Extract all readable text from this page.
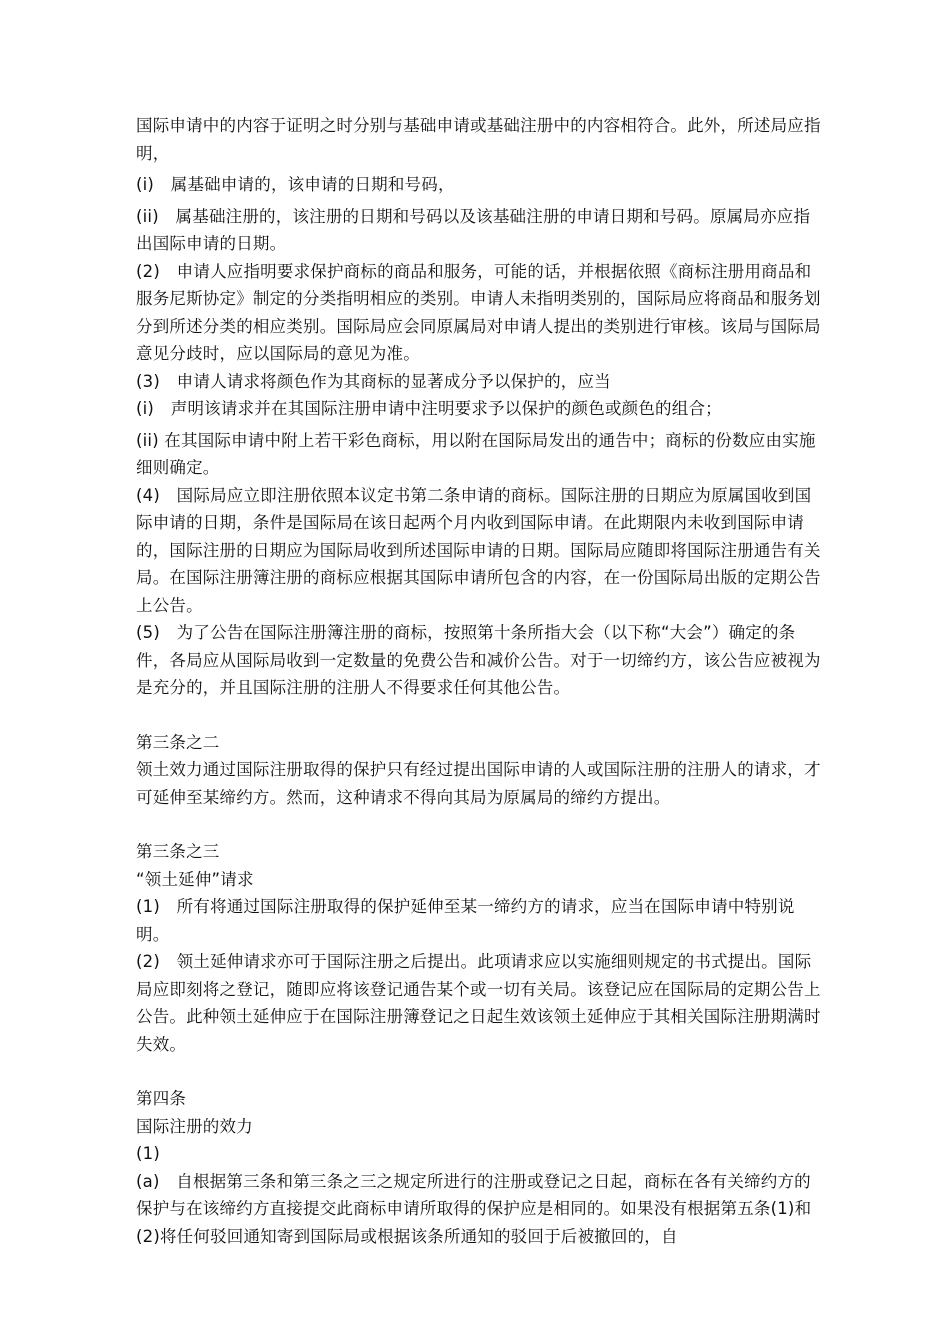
国际申请中的内容于证明之时分别与基础申请或基础注册中的内容相符合。此外，所述局应指明，

(i)　属基础申请的，该申请的日期和号码，

(ii)　属基础注册的，该注册的日期和号码以及该基础注册的申请日期和号码。原属局亦应指出国际申请的日期。

(2)　申请人应指明要求保护商标的商品和服务，可能的话，并根据依照《商标注册用商品和服务尼斯协定》制定的分类指明相应的类别。申请人未指明类别的，国际局应将商品和服务划分到所述分类的相应类别。国际局应会同原属局对申请人提出的类别进行审核。该局与国际局意见分歧时，应以国际局的意见为准。

(3)　申请人请求将颜色作为其商标的显著成分予以保护的，应当

(i)　声明该请求并在其国际注册申请中注明要求予以保护的颜色或颜色的组合；

(ii) 在其国际申请中附上若干彩色商标，用以附在国际局发出的通告中；商标的份数应由实施细则确定。

(4)　国际局应立即注册依照本议定书第二条申请的商标。国际注册的日期应为原属国收到国际申请的日期，条件是国际局在该日起两个月内收到国际申请。在此期限内未收到国际申请的，国际注册的日期应为国际局收到所述国际申请的日期。国际局应随即将国际注册通告有关局。在国际注册簿注册的商标应根据其国际申请所包含的内容，在一份国际局出版的定期公告上公告。

(5)　为了公告在国际注册簿注册的商标，按照第十条所指大会（以下称“大会”）确定的条件，各局应从国际局收到一定数量的免费公告和减价公告。对于一切缔约方，该公告应被视为是充分的，并且国际注册的注册人不得要求任何其他公告。

第三条之二

领土效力通过国际注册取得的保护只有经过提出国际申请的人或国际注册的注册人的请求，才可延伸至某缔约方。然而，这种请求不得向其局为原属局的缔约方提出。

第三条之三

“领土延伸”请求

(1)　所有将通过国际注册取得的保护延伸至某一缔约方的请求，应当在国际申请中特别说明。

(2)　领土延伸请求亦可于国际注册之后提出。此项请求应以实施细则规定的书式提出。国际局应即刻将之登记，随即应将该登记通告某个或一切有关局。该登记应在国际局的定期公告上公告。此种领土延伸应于在国际注册簿登记之日起生效该领土延伸应于其相关国际注册期满时失效。

第四条

国际注册的效力

(1)

(a)　自根据第三条和第三条之三之规定所进行的注册或登记之日起，商标在各有关缔约方的保护与在该缔约方直接提交此商标申请所取得的保护应是相同的。如果没有根据第五条(1)和(2)将任何驳回通知寄到国际局或根据该条所通知的驳回于后被撤回的，自
